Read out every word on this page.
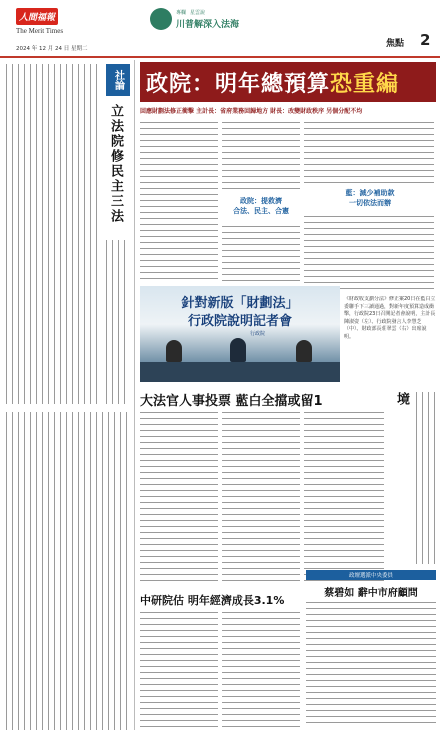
人間福報
The Merit Times
2024 年 12 月 24 日 星期二
專欄 星雲說
川普解深入法海
焦點 2
社論
立法院修民主三法
政院：明年總預算 恐重編
回應財劃法修正衝擊 主計長：省府業務回歸地方 財長：改變財政秩序 另個分配不均
政院：提救濟
合法、民主、合憲
藍：減少補助款
一切依法而辦
針對新版「財劃法」
行政院說明記者會
行政院
《財政收支劃分法》修正案20日在藍白立委聯手下三讀通過，對新年度預算造成衝擊，行政院23日召開記者會說明，主計長陳淑姿（左）、行政院發言人李慧芝（中）、財政部長莊翠雲（右）出席說明。
大法官人事投票 藍白全擋或留1	境
中研院估 明年經濟成長3.1%
政壇選派中央委員
蔡碧如 辭中市府顧問
